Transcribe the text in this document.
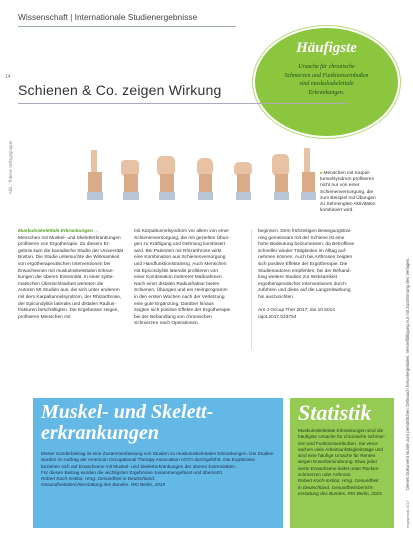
Wissenschaft | Internationale Studienergebnisse
14
Häufigste
Ursache für chronische
Schmerzen und Funktionseinbußen
sind muskuloskelettale
Erkrankungen.
Schienen & Co. zeigen Wirkung
Abb.: Thieme Verlagsgruppe
■	Menschen mit Karpal-
tunnelsyndrom profitieren
nicht nur von einer
Schienenversorgung, die
zum Beispiel mit Übungen
zu Sehnengleit-Aktivitäten
kombiniert wird.
Muskuloskelettale Erkrankungen →
Menschen mit Muskel- und Skeletterkrankungen
profitieren von Ergotherapie. Zu diesem Er-
gebnis kam die kanadische Studie der Universität
Boston. Die Studie untersuchte die Wirksamkeit
von ergotherapeutischen Interventionen bei
Erwachsenen mit muskuloskelettalen Erkran-
kungen der oberen Extremität. In einer syste-
matischen Übersichtsarbeit werteten die
Autoren 59 Studien aus, die sich unter anderem
mit dem Karpaltunnelsyndrom, der Rhizarthrose,
der Epicondylitis lateralis und distalen Radius-
frakturen beschäftigten. Die Ergebnisse zeigen,
profitieren Menschen mit
mit Karpaltunnelsyndrom vor allem von einer
Schienenversorgung, die mit gezielten Übun-
gen zu Kräftigung und Dehnung kombiniert
wird. Bei Patienten mit Rhizarthrose wirkt
eine Kombination aus Schienenversorgung
und Handfunktionstraining. Auch Menschen
mit Epicondylitis lateralis profitieren von
einer Kombination mehrerer Maßnahmen.
Nach einer distalen Radiusfraktur bieten
Schienen, Übungen und ein Heimprogramm
in den ersten Wochen nach der Verletzung
eine gute Ergänzung. Darüber hinaus
zeigten sich positive Effekte der Ergotherapie
bei der Behandlung von chronischen
Schmerzen nach Operationen.
beginnen. Dem frühzeitigen Bewegungstrai-
ning gemeinsam mit der Schiene ist eine
hohe Bedeutung beizumessen, da Betroffene
schneller wieder Tätigkeiten im Alltag auf-
nehmen können. Auch bei Arthrosen zeigten
sich positive Effekte der Ergotherapie. Die
Studienautoren empfehlen, bei der Behand-
lung weitere Studien zur Wirksamkeit
ergotherapeutischer Interventionen durch-
zuführen und diese auf die Langzeitwirkung
hin auszurichten.

Am J Occup Ther 2017; doi 10.5014
/ajot.2017.023754
Muskel- und Skelett-
erkrankungen
Dieser Sonderbeitrag ist eine Zusammenfassung von Studien zu muskuloskelettalen Erkrankungen. Die Studien
wurden im Auftrag der American Occupational Therapy Association AOTA durchgeführt. Die Ergebnisse
beziehen sich auf Erwachsene mit Muskel- und Skeletterkrankungen der oberen Extremitäten.
Für diesen Beitrag wurden die wichtigsten Ergebnisse zusammengefasst und übersetzt.
Robert Koch-Institut, Hrsg. Gesundheit in Deutschland.
Gesundheitsberichterstattung des Bundes. RKI Berlin, 2015
Statistik
Muskuloskelettale Erkrankungen sind die
häufigste Ursache für chronische Schmer-
zen und Funktionseinbußen. Sie verur-
sachen viele Arbeitsunfähigkeitstage und
sind eine häufige Ursache für Renten
wegen Erwerbsminderung. Etwa jeder
vierte Erwachsene leidet unter Rücken-
schmerzen oder Arthrose.
Robert Koch-Institut, Hrsg. Gesundheit
in Deutschland. Gesundheitsbericht-
erstattung des Bundes. RKI Berlin, 2015
Dieses Dokument wurde zum persönlichen Gebrauch heruntergeladen. Vervielfältigung nur mit Zustimmung des Verlages.
ergopraxis 5/17
